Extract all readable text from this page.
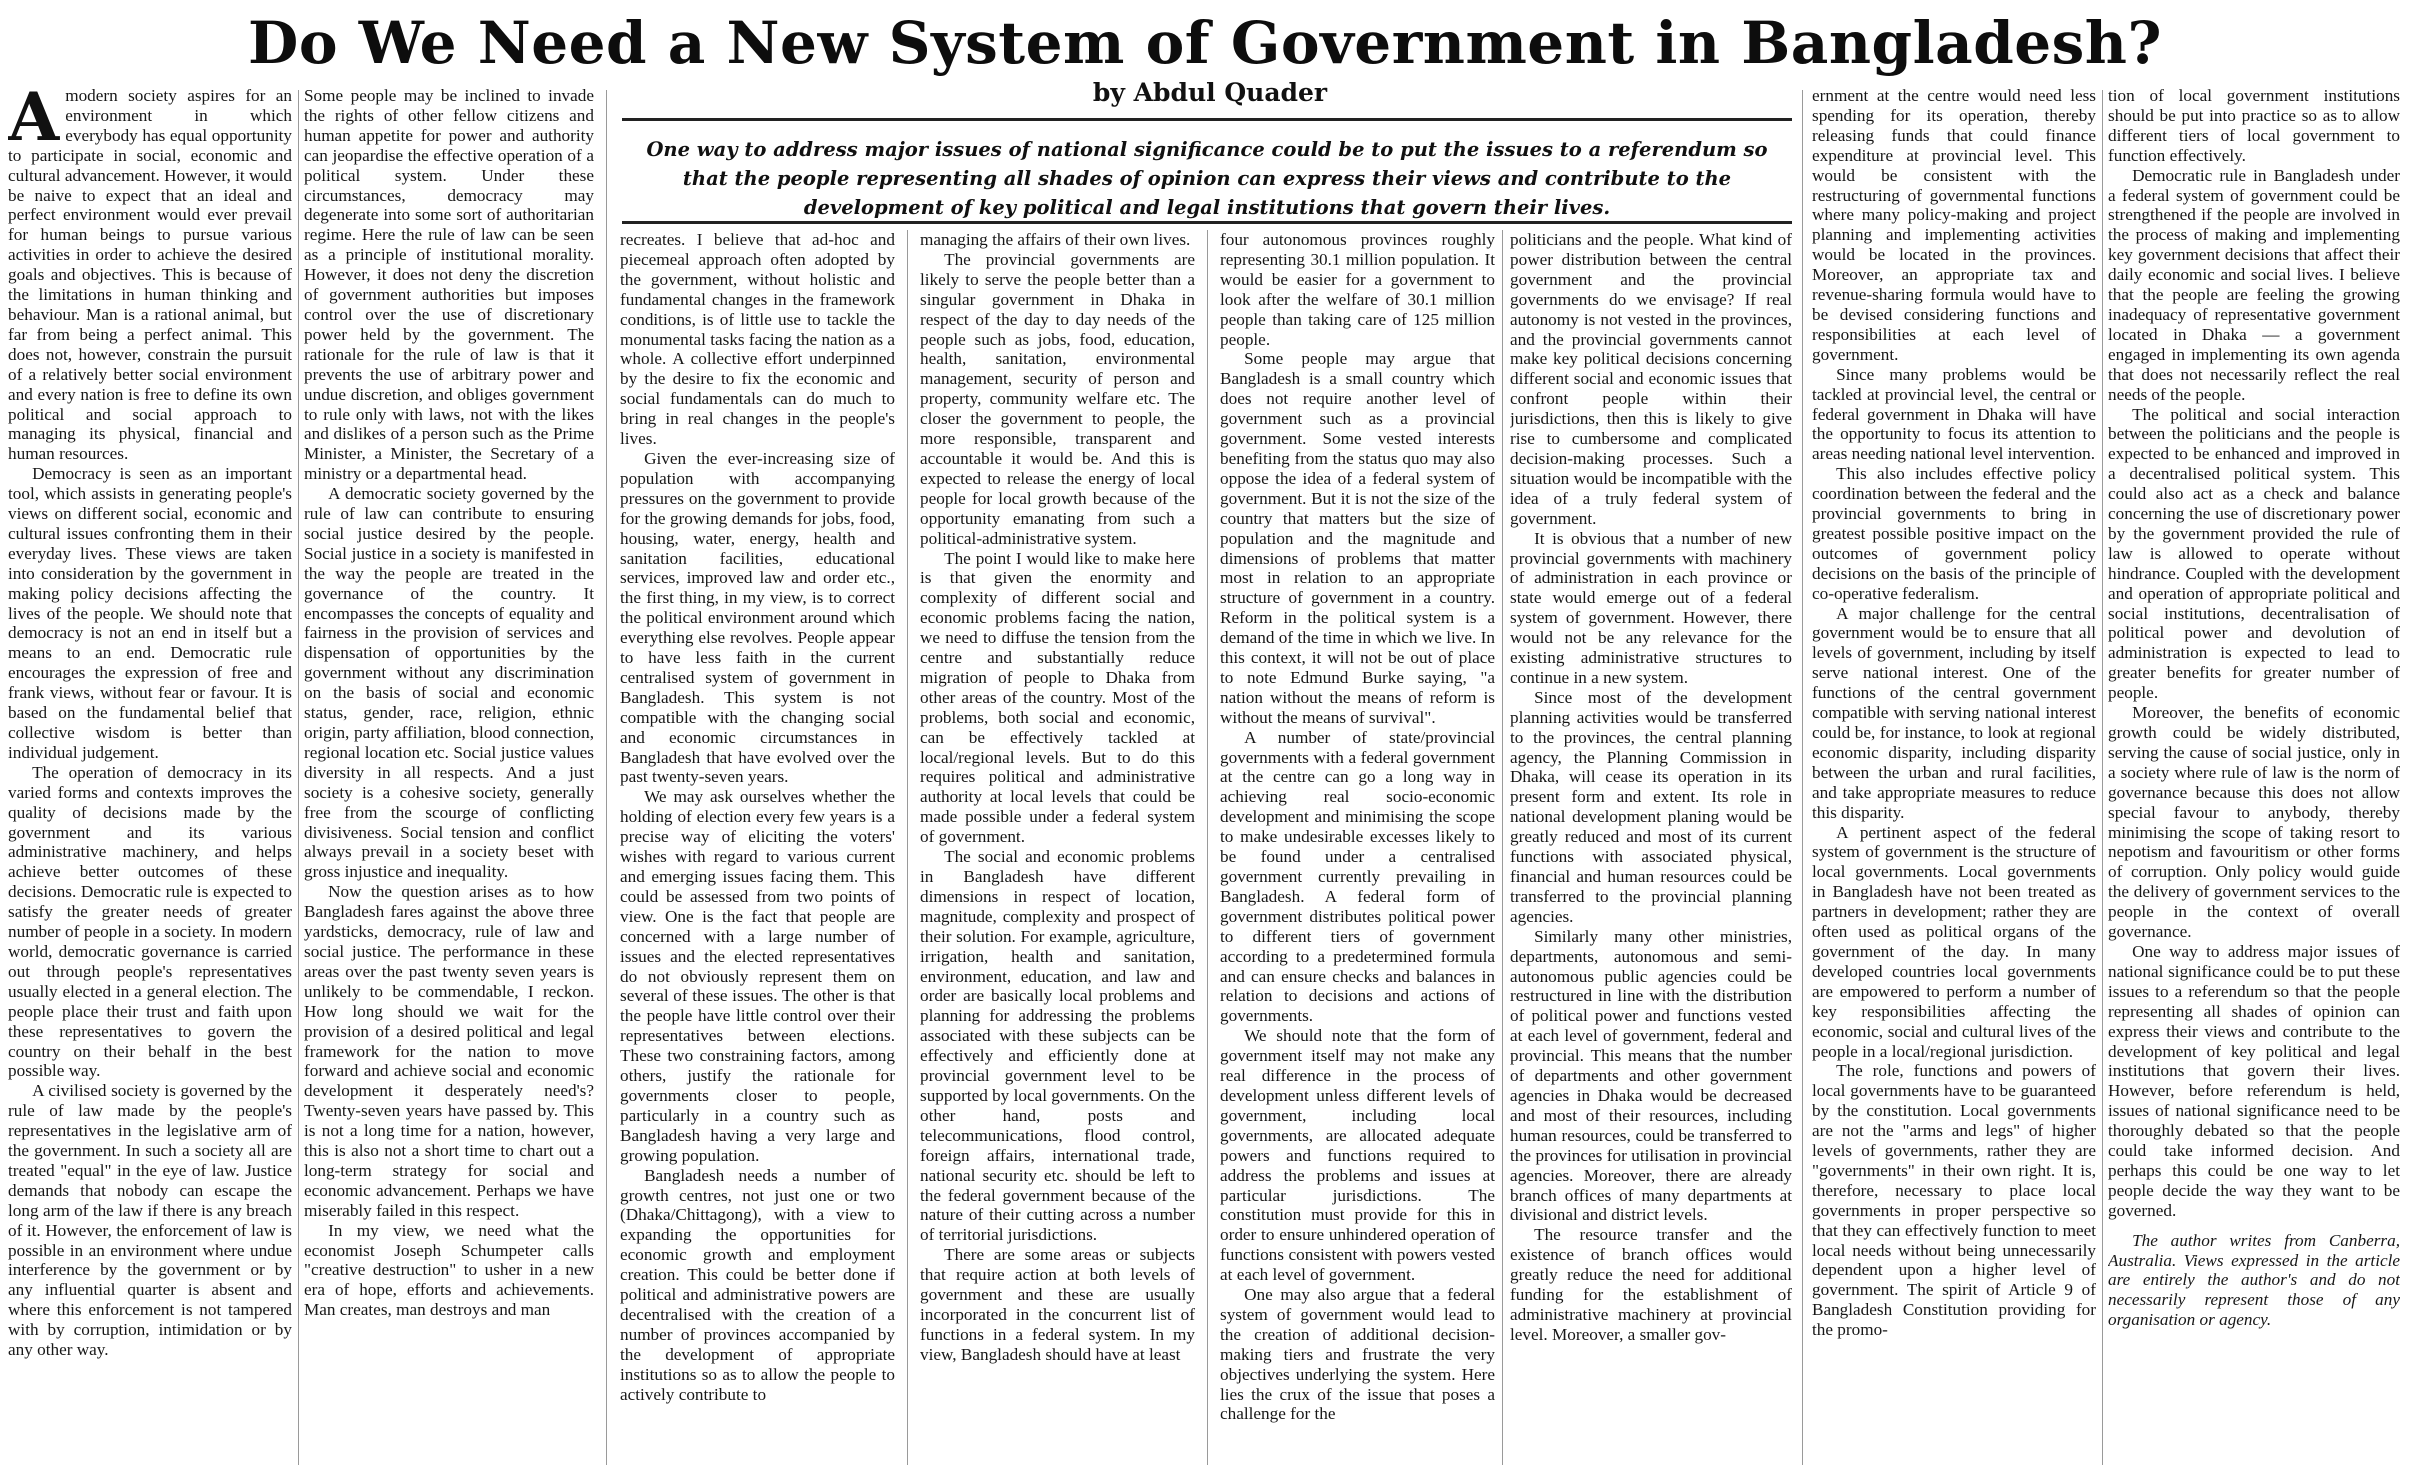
Do We Need a New System of Government in Bangladesh?
by Abdul Quader

One way to address major issues of national significance could be to put the issues to a referendum so that the people representing all shades of opinion can express their views and contribute to the development of key political and legal institutions that govern their lives.

Amodern society aspires for an environment in which everybody has equal opportunity to participate in social, economic and cultural advancement. However, it would be naive to expect that an ideal and perfect environment would ever prevail for human beings to pursue various activities in order to achieve the desired goals and objectives. This is because of the limitations in human thinking and behaviour. Man is a rational animal, but far from being a perfect animal. This does not, however, constrain the pursuit of a relatively better social environment and every nation is free to define its own political and social approach to managing its physical, financial and human resources.

Democracy is seen as an important tool, which assists in generating people's views on different social, economic and cultural issues confronting them in their everyday lives. These views are taken into consideration by the government in making policy decisions affecting the lives of the people. We should note that democracy is not an end in itself but a means to an end. Democratic rule encourages the expression of free and frank views, without fear or favour. It is based on the fundamental belief that collective wisdom is better than individual judgement.

The operation of democracy in its varied forms and contexts improves the quality of decisions made by the government and its various administrative machinery, and helps achieve better outcomes of these decisions. Democratic rule is expected to satisfy the greater needs of greater number of people in a society. In modern world, democratic governance is carried out through people's representatives usually elected in a general election. The people place their trust and faith upon these representatives to govern the country on their behalf in the best possible way.

A civilised society is governed by the rule of law made by the people's representatives in the legislative arm of the government. In such a society all are treated "equal" in the eye of law. Justice demands that nobody can escape the long arm of the law if there is any breach of it. However, the enforcement of law is possible in an environment where undue interference by the government or by any influential quarter is absent and where this enforcement is not tampered with by corruption, intimidation or by any other way.

Some people may be inclined to invade the rights of other fellow citizens and human appetite for power and authority can jeopardise the effective operation of a political system. Under these circumstances, democracy may degenerate into some sort of authoritarian regime. Here the rule of law can be seen as a principle of institutional morality. However, it does not deny the discretion of government authorities but imposes control over the use of discretionary power held by the government. The rationale for the rule of law is that it prevents the use of arbitrary power and undue discretion, and obliges government to rule only with laws, not with the likes and dislikes of a person such as the Prime Minister, a Minister, the Secretary of a ministry or a departmental head.

A democratic society governed by the rule of law can contribute to ensuring social justice desired by the people. Social justice in a society is manifested in the way the people are treated in the governance of the country. It encompasses the concepts of equality and fairness in the provision of services and dispensation of opportunities by the government without any discrimination on the basis of social and economic status, gender, race, religion, ethnic origin, party affiliation, blood connection, regional location etc. Social justice values diversity in all respects. And a just society is a cohesive society, generally free from the scourge of conflicting divisiveness. Social tension and conflict always prevail in a society beset with gross injustice and inequality.

Now the question arises as to how Bangladesh fares against the above three yardsticks, democracy, rule of law and social justice. The performance in these areas over the past twenty seven years is unlikely to be commendable, I reckon. How long should we wait for the provision of a desired political and legal framework for the nation to move forward and achieve social and economic development it desperately need's? Twenty-seven years have passed by. This is not a long time for a nation, however, this is also not a short time to chart out a long-term strategy for social and economic advancement. Perhaps we have miserably failed in this respect.

In my view, we need what the economist Joseph Schumpeter calls "creative destruction" to usher in a new era of hope, efforts and achievements. Man creates, man destroys and man

recreates. I believe that ad-hoc and piecemeal approach often adopted by the government, without holistic and fundamental changes in the framework conditions, is of little use to tackle the monumental tasks facing the nation as a whole. A collective effort underpinned by the desire to fix the economic and social fundamentals can do much to bring in real changes in the people's lives.

Given the ever-increasing size of population with accompanying pressures on the government to provide for the growing demands for jobs, food, housing, water, energy, health and sanitation facilities, educational services, improved law and order etc., the first thing, in my view, is to correct the political environment around which everything else revolves. People appear to have less faith in the current centralised system of government in Bangladesh. This system is not compatible with the changing social and economic circumstances in Bangladesh that have evolved over the past twenty-seven years.

We may ask ourselves whether the holding of election every few years is a precise way of eliciting the voters' wishes with regard to various current and emerging issues facing them. This could be assessed from two points of view. One is the fact that people are concerned with a large number of issues and the elected representatives do not obviously represent them on several of these issues. The other is that the people have little control over their representatives between elections. These two constraining factors, among others, justify the rationale for governments closer to people, particularly in a country such as Bangladesh having a very large and growing population.

Bangladesh needs a number of growth centres, not just one or two (Dhaka/Chittagong), with a view to expanding the opportunities for economic growth and employment creation. This could be better done if political and administrative powers are decentralised with the creation of a number of provinces accompanied by the development of appropriate institutions so as to allow the people to actively contribute to

managing the affairs of their own lives.

The provincial governments are likely to serve the people better than a singular government in Dhaka in respect of the day to day needs of the people such as jobs, food, education, health, sanitation, environmental management, security of person and property, community welfare etc. The closer the government to people, the more responsible, transparent and accountable it would be. And this is expected to release the energy of local people for local growth because of the opportunity emanating from such a political-administrative system.

The point I would like to make here is that given the enormity and complexity of different social and economic problems facing the nation, we need to diffuse the tension from the centre and substantially reduce migration of people to Dhaka from other areas of the country. Most of the problems, both social and economic, can be effectively tackled at local/regional levels. But to do this requires political and administrative authority at local levels that could be made possible under a federal system of government.

The social and economic problems in Bangladesh have different dimensions in respect of location, magnitude, complexity and prospect of their solution. For example, agriculture, irrigation, health and sanitation, environment, education, and law and order are basically local problems and planning for addressing the problems associated with these subjects can be effectively and efficiently done at provincial government level to be supported by local governments. On the other hand, posts and telecommunications, flood control, foreign affairs, international trade, national security etc. should be left to the federal government because of the nature of their cutting across a number of territorial jurisdictions.

There are some areas or subjects that require action at both levels of government and these are usually incorporated in the concurrent list of functions in a federal system. In my view, Bangladesh should have at least

four autonomous provinces roughly representing 30.1 million population. It would be easier for a government to look after the welfare of 30.1 million people than taking care of 125 million people.

Some people may argue that Bangladesh is a small country which does not require another level of government such as a provincial government. Some vested interests benefiting from the status quo may also oppose the idea of a federal system of government. But it is not the size of the country that matters but the size of population and the magnitude and dimensions of problems that matter most in relation to an appropriate structure of government in a country. Reform in the political system is a demand of the time in which we live. In this context, it will not be out of place to note Edmund Burke saying, "a nation without the means of reform is without the means of survival".

A number of state/provincial governments with a federal government at the centre can go a long way in achieving real socio-economic development and minimising the scope to make undesirable excesses likely to be found under a centralised government currently prevailing in Bangladesh. A federal form of government distributes political power to different tiers of government according to a predetermined formula and can ensure checks and balances in relation to decisions and actions of governments.

We should note that the form of government itself may not make any real difference in the process of development unless different levels of government, including local governments, are allocated adequate powers and functions required to address the problems and issues at particular jurisdictions. The constitution must provide for this in order to ensure unhindered operation of functions consistent with powers vested at each level of government.

One may also argue that a federal system of government would lead to the creation of additional decision-making tiers and frustrate the very objectives underlying the system. Here lies the crux of the issue that poses a challenge for the

politicians and the people. What kind of power distribution between the central government and the provincial governments do we envisage? If real autonomy is not vested in the provinces, and the provincial governments cannot make key political decisions concerning different social and economic issues that confront people within their jurisdictions, then this is likely to give rise to cumbersome and complicated decision-making processes. Such a situation would be incompatible with the idea of a truly federal system of government.

It is obvious that a number of new provincial governments with machinery of administration in each province or state would emerge out of a federal system of government. However, there would not be any relevance for the existing administrative structures to continue in a new system.

Since most of the development planning activities would be transferred to the provinces, the central planning agency, the Planning Commission in Dhaka, will cease its operation in its present form and extent. Its role in national development planing would be greatly reduced and most of its current functions with associated physical, financial and human resources could be transferred to the provincial planning agencies.

Similarly many other ministries, departments, autonomous and semi-autonomous public agencies could be restructured in line with the distribution of political power and functions vested at each level of government, federal and provincial. This means that the number of departments and other government agencies in Dhaka would be decreased and most of their resources, including human resources, could be transferred to the provinces for utilisation in provincial agencies. Moreover, there are already branch offices of many departments at divisional and district levels.

The resource transfer and the existence of branch offices would greatly reduce the need for additional funding for the establishment of administrative machinery at provincial level. Moreover, a smaller gov-

ernment at the centre would need less spending for its operation, thereby releasing funds that could finance expenditure at provincial level. This would be consistent with the restructuring of governmental functions where many policy-making and project planning and implementing activities would be located in the provinces. Moreover, an appropriate tax and revenue-sharing formula would have to be devised considering functions and responsibilities at each level of government.

Since many problems would be tackled at provincial level, the central or federal government in Dhaka will have the opportunity to focus its attention to areas needing national level intervention.

This also includes effective policy coordination between the federal and the provincial governments to bring in greatest possible positive impact on the outcomes of government policy decisions on the basis of the principle of co-operative federalism.

A major challenge for the central government would be to ensure that all levels of government, including by itself serve national interest. One of the functions of the central government compatible with serving national interest could be, for instance, to look at regional economic disparity, including disparity between the urban and rural facilities, and take appropriate measures to reduce this disparity.

A pertinent aspect of the federal system of government is the structure of local governments. Local governments in Bangladesh have not been treated as partners in development; rather they are often used as political organs of the government of the day. In many developed countries local governments are empowered to perform a number of key responsibilities affecting the economic, social and cultural lives of the people in a local/regional jurisdiction.

The role, functions and powers of local governments have to be guaranteed by the constitution. Local governments are not the "arms and legs" of higher levels of governments, rather they are "governments" in their own right. It is, therefore, necessary to place local governments in proper perspective so that they can effectively function to meet local needs without being unnecessarily dependent upon a higher level of government. The spirit of Article 9 of Bangladesh Constitution providing for the promo-

tion of local government institutions should be put into practice so as to allow different tiers of local government to function effectively.

Democratic rule in Bangladesh under a federal system of government could be strengthened if the people are involved in the process of making and implementing key government decisions that affect their daily economic and social lives. I believe that the people are feeling the growing inadequacy of representative government located in Dhaka — a government engaged in implementing its own agenda that does not necessarily reflect the real needs of the people.

The political and social interaction between the politicians and the people is expected to be enhanced and improved in a decentralised political system. This could also act as a check and balance concerning the use of discretionary power by the government provided the rule of law is allowed to operate without hindrance. Coupled with the development and operation of appropriate political and social institutions, decentralisation of political power and devolution of administration is expected to lead to greater benefits for greater number of people.

Moreover, the benefits of economic growth could be widely distributed, serving the cause of social justice, only in a society where rule of law is the norm of governance because this does not allow special favour to anybody, thereby minimising the scope of taking resort to nepotism and favouritism or other forms of corruption. Only policy would guide the delivery of government services to the people in the context of overall governance.

One way to address major issues of national significance could be to put these issues to a referendum so that the people representing all shades of opinion can express their views and contribute to the development of key political and legal institutions that govern their lives. However, before referendum is held, issues of national significance need to be thoroughly debated so that the people could take informed decision. And perhaps this could be one way to let people decide the way they want to be governed.

The author writes from Canberra, Australia. Views expressed in the article are entirely the author's and do not necessarily represent those of any organisation or agency.
